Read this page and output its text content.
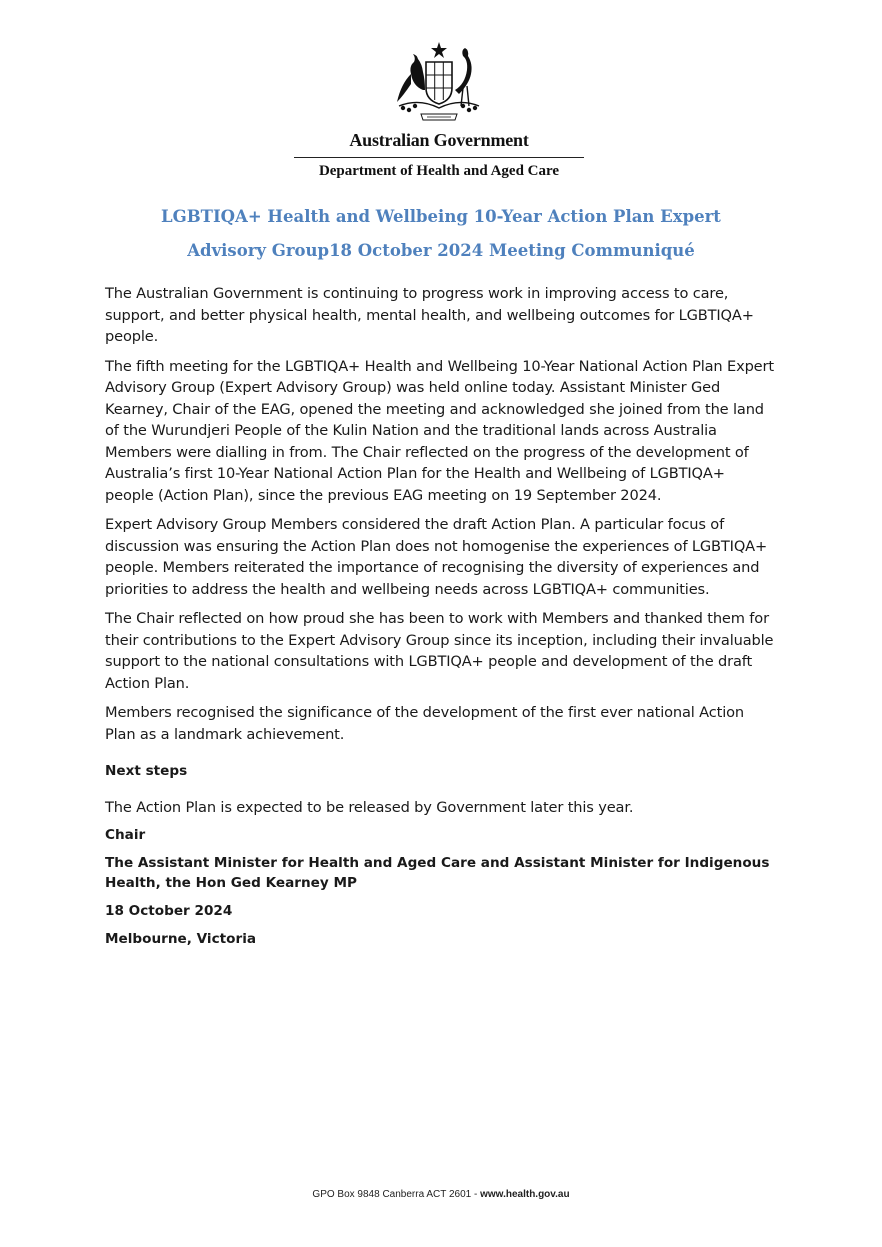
Australian Government
Department of Health and Aged Care
LGBTIQA+ Health and Wellbeing 10-Year Action Plan Expert
Advisory Group18 October 2024 Meeting Communiqué

The Australian Government is continuing to progress work in improving access to care, support, and better physical health, mental health, and wellbeing outcomes for LGBTIQA+ people.

The fifth meeting for the LGBTIQA+ Health and Wellbeing 10-Year National Action Plan Expert Advisory Group (Expert Advisory Group) was held online today. Assistant Minister Ged Kearney, Chair of the EAG, opened the meeting and acknowledged she joined from the land of the Wurundjeri People of the Kulin Nation and the traditional lands across Australia Members were dialling in from. The Chair reflected on the progress of the development of Australia’s first 10-Year National Action Plan for the Health and Wellbeing of LGBTIQA+ people (Action Plan), since the previous EAG meeting on 19 September 2024.

Expert Advisory Group Members considered the draft Action Plan. A particular focus of discussion was ensuring the Action Plan does not homogenise the experiences of LGBTIQA+ people. Members reiterated the importance of recognising the diversity of experiences and priorities to address the health and wellbeing needs across LGBTIQA+ communities.

The Chair reflected on how proud she has been to work with Members and thanked them for their contributions to the Expert Advisory Group since its inception, including their invaluable support to the national consultations with LGBTIQA+ people and development of the draft Action Plan.

Members recognised the significance of the development of the first ever national Action Plan as a landmark achievement.

Next steps

The Action Plan is expected to be released by Government later this year.

Chair

The Assistant Minister for Health and Aged Care and Assistant Minister for Indigenous Health, the Hon Ged Kearney MP

18 October 2024

Melbourne, Victoria

GPO Box 9848 Canberra ACT 2601 - www.health.gov.au
